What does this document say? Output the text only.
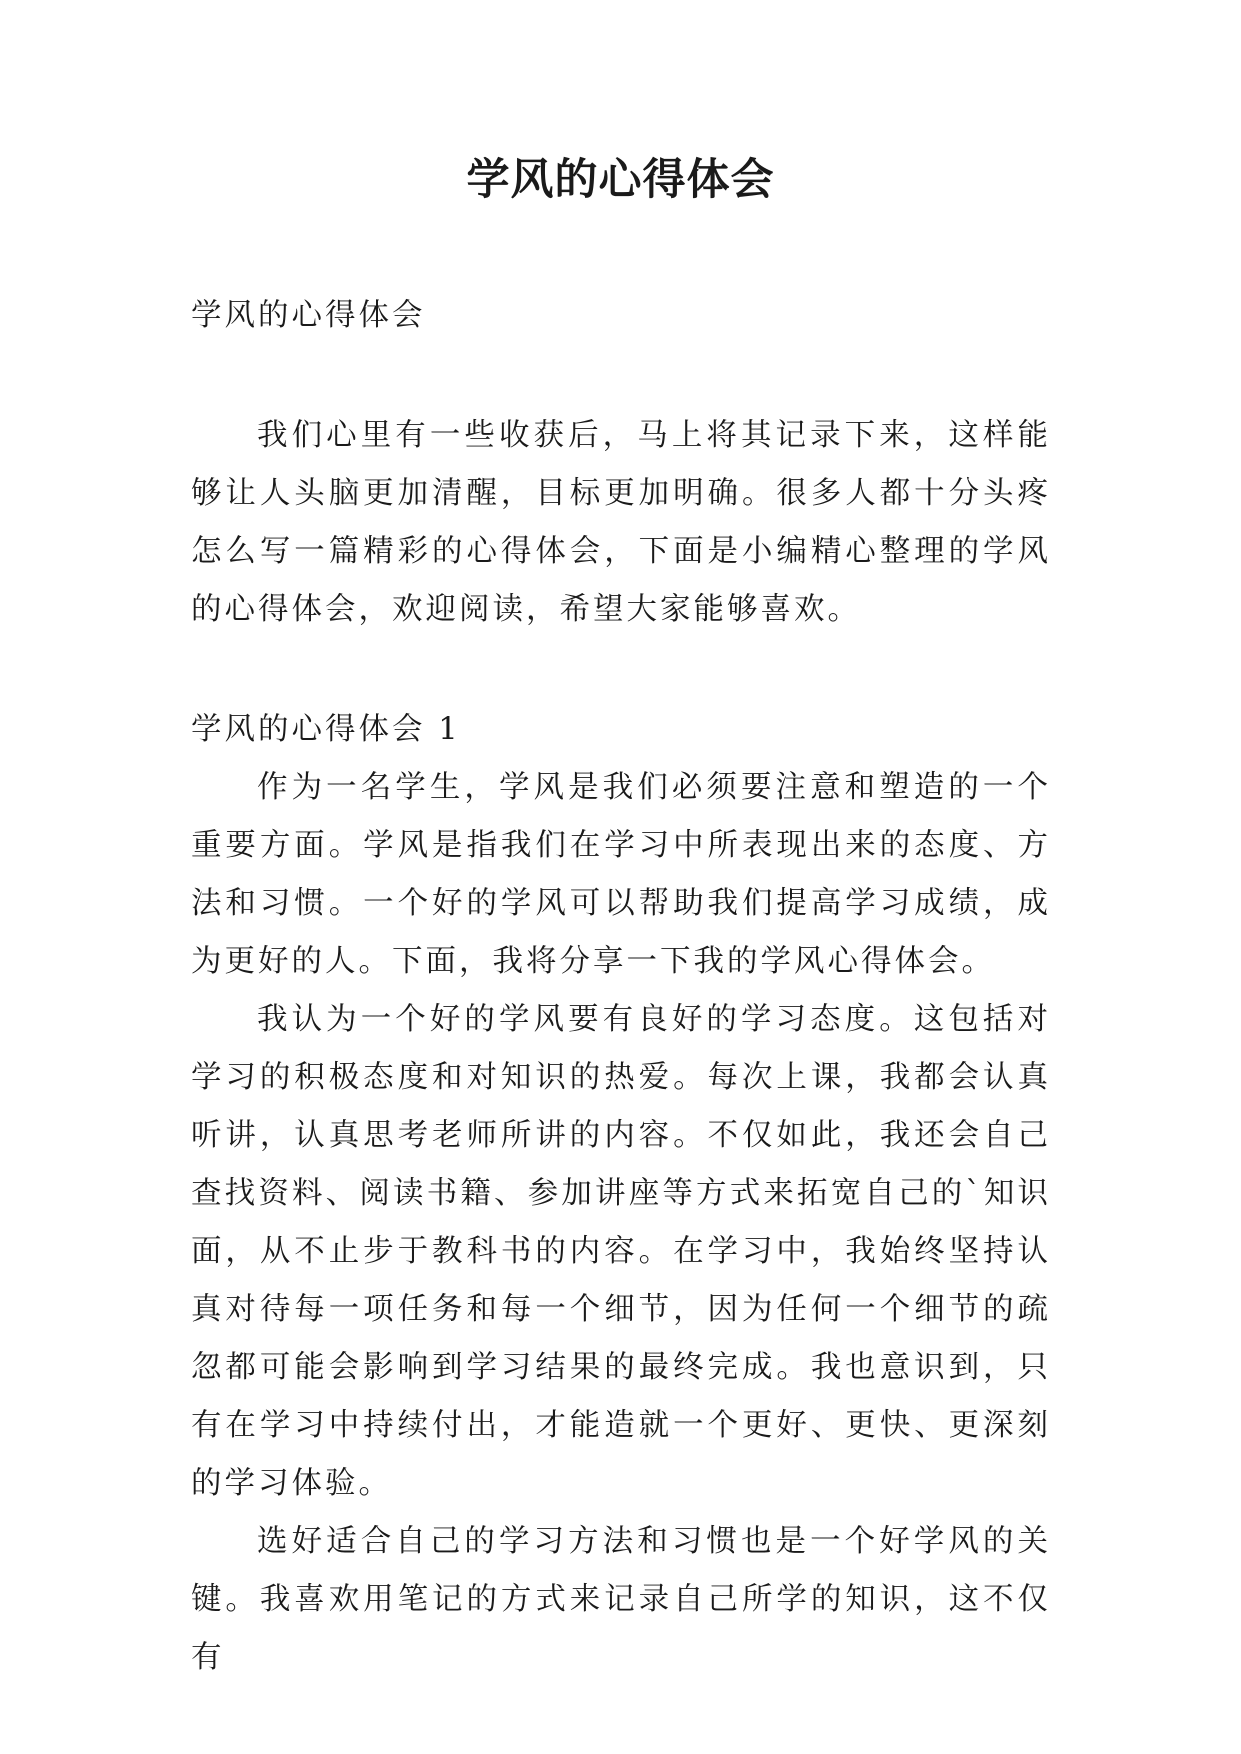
学风的心得体会

学风的心得体会

我们心里有一些收获后，马上将其记录下来，这样能够让人头脑更加清醒，目标更加明确。很多人都十分头疼怎么写一篇精彩的心得体会，下面是小编精心整理的学风的心得体会，欢迎阅读，希望大家能够喜欢。

学风的心得体会 1

作为一名学生，学风是我们必须要注意和塑造的一个重要方面。学风是指我们在学习中所表现出来的态度、方法和习惯。一个好的学风可以帮助我们提高学习成绩，成为更好的人。下面，我将分享一下我的学风心得体会。

我认为一个好的学风要有良好的学习态度。这包括对学习的积极态度和对知识的热爱。每次上课，我都会认真听讲，认真思考老师所讲的内容。不仅如此，我还会自己查找资料、阅读书籍、参加讲座等方式来拓宽自己的`知识面，从不止步于教科书的内容。在学习中，我始终坚持认真对待每一项任务和每一个细节，因为任何一个细节的疏忽都可能会影响到学习结果的最终完成。我也意识到，只有在学习中持续付出，才能造就一个更好、更快、更深刻的学习体验。

选好适合自己的学习方法和习惯也是一个好学风的关键。我喜欢用笔记的方式来记录自己所学的知识，这不仅有
